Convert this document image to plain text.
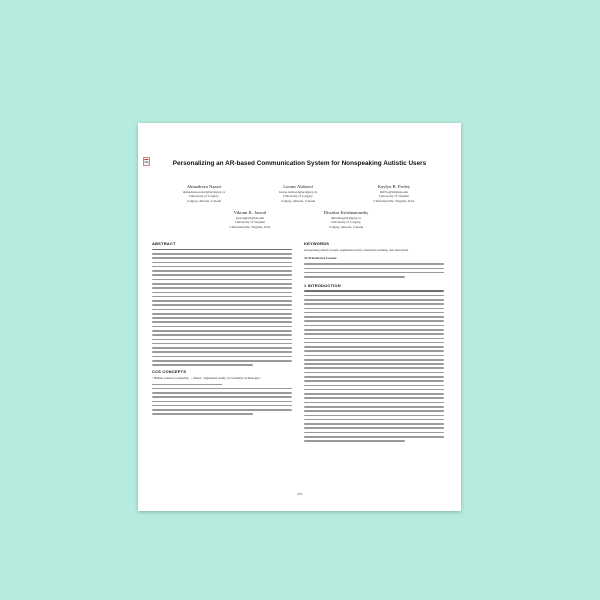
Personalizing an AR-based Communication System for Nonspeaking Autistic Users
Ahmadreza Nazari
ahmadreza.nazari@ucalgary.ca
University of Calgary
Calgary, Alberta, Canada
Lorans Alabood
lorans.alabood@ucalgary.ca
University of Calgary
Calgary, Alberta, Canada
Kaylyn B. Feeley
kbf5w@virginia.edu
University of Virginia
Charlottesville, Virginia, USA
Vikram K. Jaswal
jaswal@virginia.edu
University of Virginia
Charlottesville, Virginia, USA
Diwakar Krishnamurthy
dkrishna@ucalgary.ca
University of Calgary
Calgary, Alberta, Canada
ABSTRACT
CCS CONCEPTS
• Human-centered computing → Mixed / augmented reality; Accessibility technologies.
KEYWORDS
nonspeaking autistic people, augmented reality, alternative learning, user interaction
ACM Reference Format:
1 INTRODUCTION
279
